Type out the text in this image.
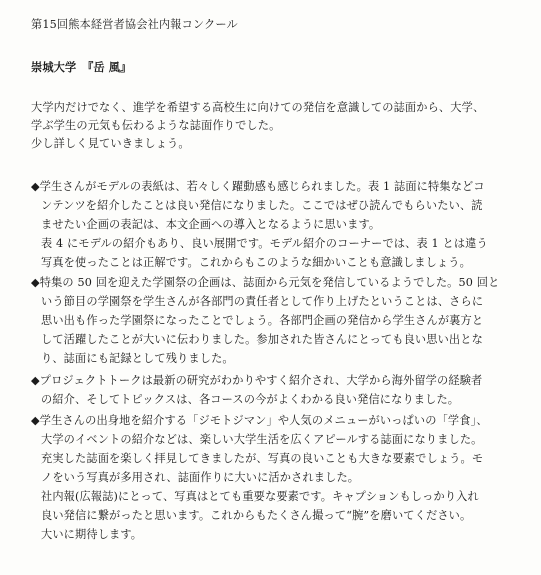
第15回熊本経営者協会社内報コンクール
崇城大学　『岳 風』
大学内だけでなく、進学を希望する高校生に向けての発信を意識しての誌面から、大学、
学ぶ学生の元気も伝わるような誌面作りでした。
少し詳しく見ていきましょう。
◆学生さんがモデルの表紙は、若々しく躍動感も感じられました。表 1 誌面に特集などコ
ンテンツを紹介したことは良い発信になりました。ここではぜひ読んでもらいたい、読
ませたい企画の表記は、本文企画への導入となるように思います。
表 4 にモデルの紹介もあり、良い展開です。モデル紹介のコーナーでは、表 1 とは違う
写真を使ったことは正解です。これからもこのような細かいことも意識しましょう。
◆特集の 50 回を迎えた学園祭の企画は、誌面から元気を発信しているようでした。50 回と
いう節目の学園祭を学生さんが各部門の責任者として作り上げたということは、さらに
思い出も作った学園祭になったことでしょう。各部門企画の発信から学生さんが裏方と
して活躍したことが大いに伝わりました。参加された皆さんにとっても良い思い出とな
り、誌面にも記録として残りました。
◆プロジェクトトークは最新の研究がわかりやすく紹介され、大学から海外留学の経験者
の紹介、そしてトピックスは、各コースの今がよくわかる良い発信になりました。
◆学生さんの出身地を紹介する「ジモトジマン」や人気のメニューがいっぱいの「学食」、
大学のイベントの紹介などは、楽しい大学生活を広くアピールする誌面になりました。
充実した誌面を楽しく拝見してきましたが、写真の良いことも大きな要素でしょう。モ
ノをいう写真が多用され、誌面作りに大いに活かされました。
社内報(広報誌)にとって、写真はとても重要な要素です。キャプションもしっかり入れ
良い発信に繋がったと思います。これからもたくさん撮って“腕”を磨いてください。
大いに期待します。
